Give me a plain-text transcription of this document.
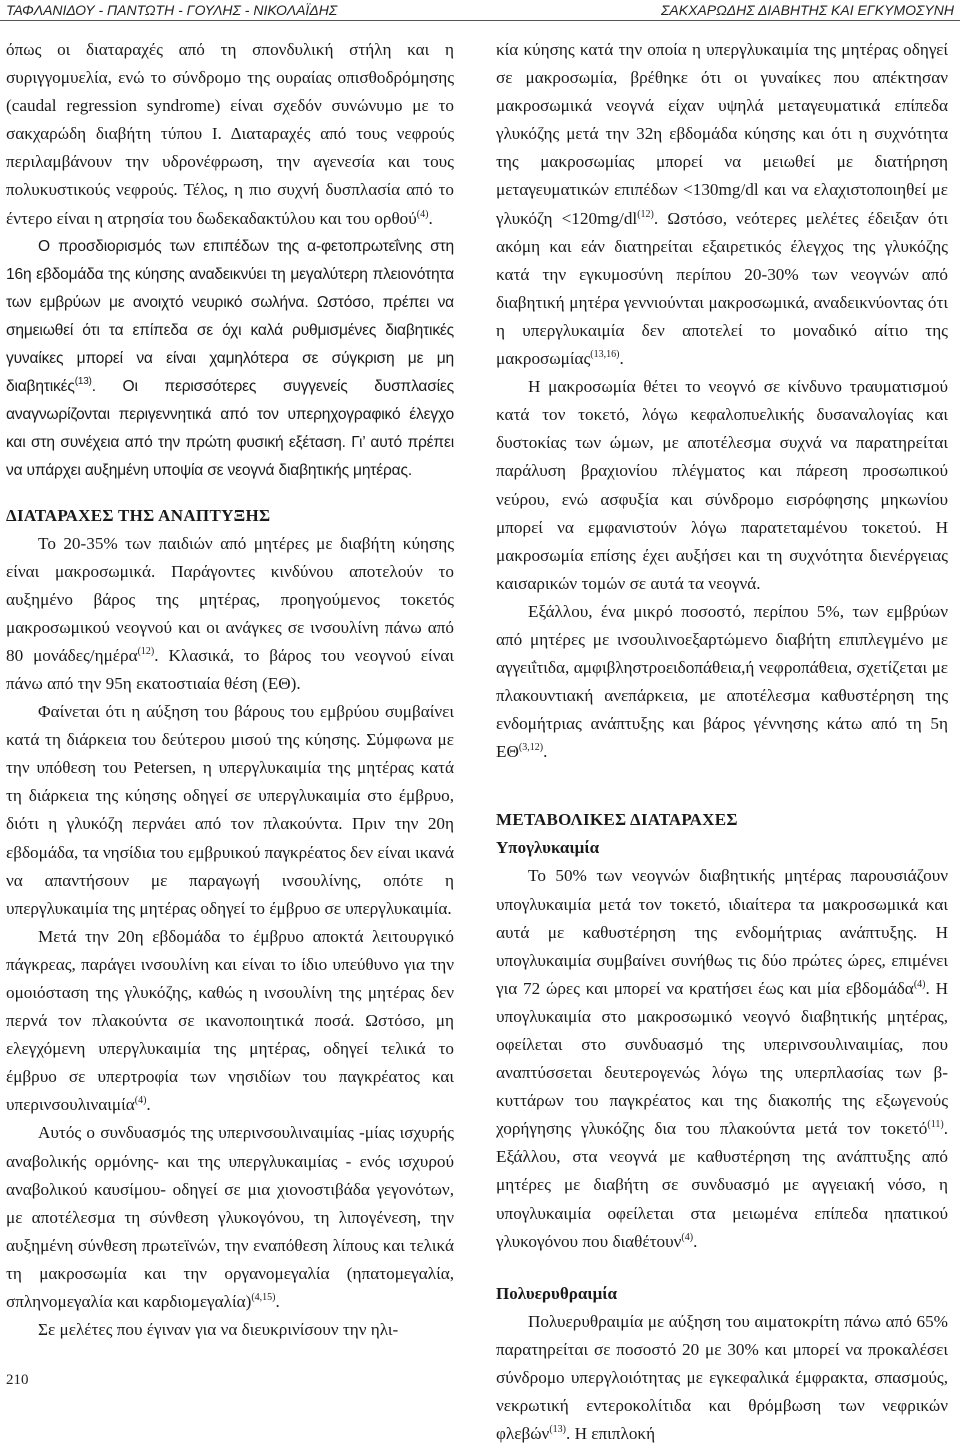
ΤΑΦΛΑΝΙΔΟΥ - ΠΑΝΤΩΤΗ - ΓΟΥΛΗΣ - ΝΙΚΟΛΑΪΔΗΣ	ΣΑΚΧΑΡΩΔΗΣ ΔΙΑΒΗΤΗΣ ΚΑΙ ΕΓΚΥΜΟΣΥΝΗ

όπως οι διαταραχές από τη σπονδυλική στήλη και η συριγγομυελία, ενώ το σύνδρομο της ουραίας οπισθοδρόμησης (caudal regression syndrome) είναι σχεδόν συνώνυμο με το σακχαρώδη διαβήτη τύπου Ι. Διαταραχές από τους νεφρούς περιλαμβάνουν την υδρονέφρωση, την αγενεσία και τους πολυκυστικούς νεφρούς. Τέλος, η πιο συχνή δυσπλασία από το έντερο είναι η ατρησία του δωδεκαδακτύλου και του ορθού$^{(4)}$.

Ο προσδιορισμός των επιπέδων της α-φετοπρωτεΐνης στη 16η εβδομάδα της κύησης αναδεικνύει τη μεγαλύτερη πλειονότητα των εμβρύων με ανοιχτό νευρικό σωλήνα. Ωστόσο, πρέπει να σημειωθεί ότι τα επίπεδα σε όχι καλά ρυθμισμένες διαβητικές γυναίκες μπορεί να είναι χαμηλότερα σε σύγκριση με μη διαβητικές$^{(13)}$. Οι περισσότερες συγγενείς δυσπλασίες αναγνωρίζονται περιγεννητικά από τον υπερηχογραφικό έλεγχο και στη συνέχεια από την πρώτη φυσική εξέταση. Γι’ αυτό πρέπει να υπάρχει αυξημένη υποψία σε νεογνά διαβητικής μητέρας.

ΔΙΑΤΑΡΑΧΕΣ ΤΗΣ ΑΝΑΠΤΥΞΗΣ

Το 20-35% των παιδιών από μητέρες με διαβήτη κύησης είναι μακροσωμικά. Παράγοντες κινδύνου αποτελούν το αυξημένο βάρος της μητέρας, προηγούμενος τοκετός μακροσωμικού νεογνού και οι ανάγκες σε ινσουλίνη πάνω από 80 μονάδες/ημέρα$^{(12)}$. Κλασικά, το βάρος του νεογνού είναι πάνω από την 95η εκατοστιαία θέση (ΕΘ).

Φαίνεται ότι η αύξηση του βάρους του εμβρύου συμβαίνει κατά τη διάρκεια του δεύτερου μισού της κύησης. Σύμφωνα με την υπόθεση του Petersen, η υπεργλυκαιμία της μητέρας κατά τη διάρκεια της κύησης οδηγεί σε υπεργλυκαιμία στο έμβρυο, διότι η γλυκόζη περνάει από τον πλακούντα. Πριν την 20η εβδομάδα, τα νησίδια του εμβρυικού παγκρέατος δεν είναι ικανά να απαντήσουν με παραγωγή ινσουλίνης, οπότε η υπεργλυκαιμία της μητέρας οδηγεί το έμβρυο σε υπεργλυκαιμία.

Μετά την 20η εβδομάδα το έμβρυο αποκτά λειτουργικό πάγκρεας, παράγει ινσουλίνη και είναι το ίδιο υπεύθυνο για την ομοιόσταση της γλυκόζης, καθώς η ινσουλίνη της μητέρας δεν περνά τον πλακούντα σε ικανοποιητικά ποσά. Ωστόσο, μη ελεγχόμενη υπεργλυκαιμία της μητέρας, οδηγεί τελικά το έμβρυο σε υπερτροφία των νησιδίων του παγκρέατος και υπερινσουλιναιμία$^{(4)}$.

Αυτός ο συνδυασμός της υπερινσουλιναιμίας -μίας ισχυρής αναβολικής ορμόνης- και της υπεργλυκαιμίας - ενός ισχυρού αναβολικού καυσίμου- οδηγεί σε μια χιονοστιβάδα γεγονότων, με αποτέλεσμα τη σύνθεση γλυκογόνου, τη λιπογένεση, την αυξημένη σύνθεση πρωτεϊνών, την εναπόθεση λίπους και τελικά τη μακροσωμία και την οργανομεγαλία (ηπατομεγαλία, σπληνομεγαλία και καρδιομεγαλία)$^{(4,15)}$.

Σε μελέτες που έγιναν για να διευκρινίσουν την ηλι-

κία κύησης κατά την οποία η υπεργλυκαιμία της μητέρας οδηγεί σε μακροσωμία, βρέθηκε ότι οι γυναίκες που απέκτησαν μακροσωμικά νεογνά είχαν υψηλά μεταγευματικά επίπεδα γλυκόζης μετά την 32η εβδομάδα κύησης και ότι η συχνότητα της μακροσωμίας μπορεί να μειωθεί με διατήρηση μεταγευματικών επιπέδων <130mg/dl και να ελαχιστοποιηθεί με $\gamma\lambda\upsilon\kappa ό\zeta\eta <120mg/dl^{(12)}$. Ωστόσο, νεότερες μελέτες έδειξαν ότι ακόμη και εάν διατηρείται εξαιρετικός έλεγχος της γλυκόζης κατά την εγκυμοσύνη περίπου 20-30% των νεογνών από διαβητική μητέρα γεννιούνται μακροσωμικά, αναδεικνύοντας ότι η υπεργλυκαιμία δεν αποτελεί το μοναδικό αίτιο της μακροσωμίας$^{(13,16)}$.

Η μακροσωμία θέτει το νεογνό σε κίνδυνο τραυματισμού κατά τον τοκετό, λόγω κεφαλοπυελικής δυσαναλογίας και δυστοκίας των ώμων, με αποτέλεσμα συχνά να παρατηρείται παράλυση βραχιονίου πλέγματος και πάρεση προσωπικού νεύρου, ενώ ασφυξία και σύνδρομο εισρόφησης μηκωνίου μπορεί να εμφανιστούν λόγω παρατεταμένου τοκετού. Η μακροσωμία επίσης έχει αυξήσει και τη συχνότητα διενέργειας καισαρικών τομών σε αυτά τα νεογνά.

Εξάλλου, ένα μικρό ποσοστό, περίπου 5%, των εμβρύων από μητέρες με ινσουλινοεξαρτώμενο διαβήτη επιπλεγμένο με αγγειΐτιδα, αμφιβληστροειδοπάθεια,ή νεφροπάθεια, σχετίζεται με πλακουντιακή ανεπάρκεια, με αποτέλεσμα καθυστέρηση της ενδομήτριας ανάπτυξης και βάρος γέννησης κάτω από τη 5η ΕΘ$^{(3,12)}$.

ΜΕΤΑΒΟΛΙΚΕΣ ΔΙΑΤΑΡΑΧΕΣ
Υπογλυκαιμία

Το 50% των νεογνών διαβητικής μητέρας παρουσιάζουν υπογλυκαιμία μετά τον τοκετό, ιδιαίτερα τα μακροσωμικά και αυτά με καθυστέρηση της ενδομήτριας ανάπτυξης. Η υπογλυκαιμία συμβαίνει συνήθως τις δύο πρώτες ώρες, επιμένει για 72 ώρες και μπορεί να κρατήσει έως και μία εβδομάδα$^{(4)}$. Η υπογλυκαιμία στο μακροσωμικό νεογνό διαβητικής μητέρας, οφείλεται στο συνδυασμό της υπερινσουλιναιμίας, που αναπτύσσεται δευτερογενώς λόγω της υπερπλασίας των β-κυττάρων του παγκρέατος και της διακοπής της εξωγενούς χορήγησης γλυκόζης δια του πλακούντα μετά τον τοκετό$^{(11)}$. Εξάλλου, στα νεογνά με καθυστέρηση της ανάπτυξης από μητέρες με διαβήτη σε συνδυασμό με αγγειακή νόσο, η υπογλυκαιμία οφείλεται στα μειωμένα επίπεδα ηπατικού γλυκογόνου που διαθέτουν$^{(4)}$.

Πολυερυθραιμία

Πολυερυθραιμία με αύξηση του αιματοκρίτη πάνω από 65% παρατηρείται σε ποσοστό 20 με 30% και μπορεί να προκαλέσει σύνδρομο υπεργλοιότητας με εγκεφαλικά έμφρακτα, σπασμούς, νεκρωτική εντεροκολίτιδα και θρόμβωση των νεφρικών φλεβών$^{(13)}$. Η επιπλοκή

210
